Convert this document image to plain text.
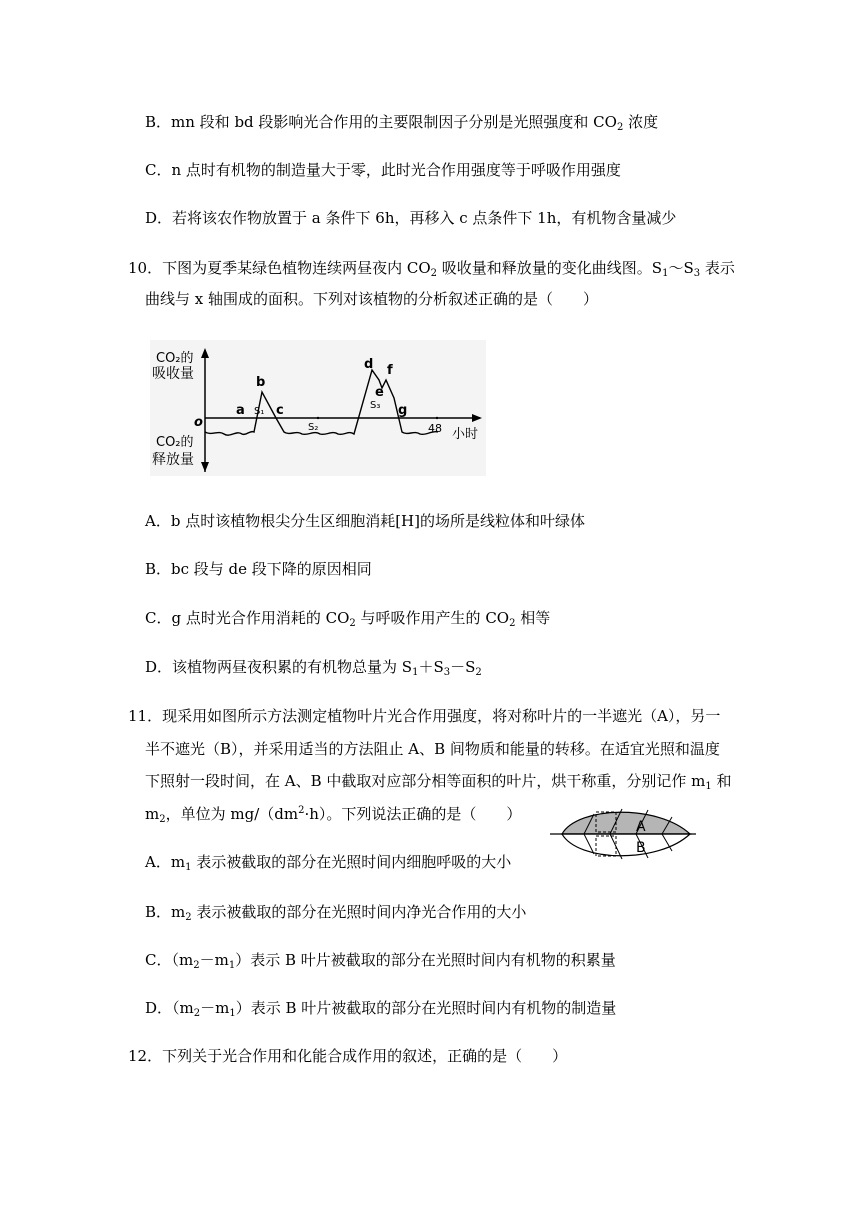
B．mn 段和 bd 段影响光合作用的主要限制因子分别是光照强度和 $CO_2$ 浓度
C．n 点时有机物的制造量大于零，此时光合作用强度等于呼吸作用强度
D．若将该农作物放置于 a 条件下 6h，再移入 c 点条件下 1h，有机物含量减少
10．下图为夏季某绿色植物连续两昼夜内 $CO_2$ 吸收量和释放量的变化曲线图。$S_1\sim S_3$ 表示
曲线与 x 轴围成的面积。下列对该植物的分析叙述正确的是（　　）
CO₂的
吸收量
CO₂的
释放量
o
小时
48
a
b
c
d
e
f
g
S₁
S₂
S₃
A．b 点时该植物根尖分生区细胞消耗[H]的场所是线粒体和叶绿体
B．bc 段与 de 段下降的原因相同
C．g 点时光合作用消耗的 $CO_2$ 与呼吸作用产生的 $CO_2$ 相等
D．该植物两昼夜积累的有机物总量为 $S_1+S_3-S_2$
11．现采用如图所示方法测定植物叶片光合作用强度，将对称叶片的一半遮光（A），另一
半不遮光（B），并采用适当的方法阻止 A、B 间物质和能量的转移。在适宜光照和温度
下照射一段时间，在 A、B 中截取对应部分相等面积的叶片，烘干称重，分别记作 $m_1$ 和
$m_2$，单位为 $mg/(dm^2\cdot h)$。下列说法正确的是（　　）
A
B
A．$m_1$ 表示被截取的部分在光照时间内细胞呼吸的大小
B．$m_2$ 表示被截取的部分在光照时间内净光合作用的大小
C．$(m_2-m_1)$表示 B 叶片被截取的部分在光照时间内有机物的积累量
D．$(m_2-m_1)$表示 B 叶片被截取的部分在光照时间内有机物的制造量
12．下列关于光合作用和化能合成作用的叙述，正确的是（　　）
